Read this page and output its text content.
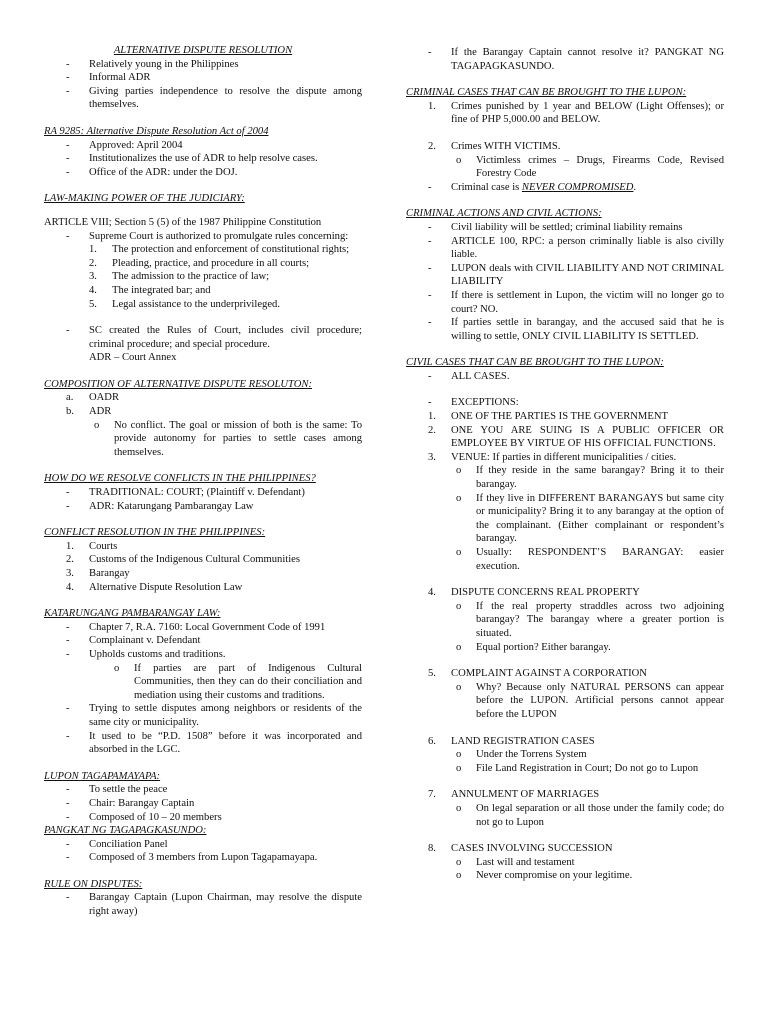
ALTERNATIVE DISPUTE RESOLUTION
- Relatively young in the Philippines
- Informal ADR
- Giving parties independence to resolve the dispute among themselves.
RA 9285: Alternative Dispute Resolution Act of 2004
- Approved: April 2004
- Institutionalizes the use of ADR to help resolve cases.
- Office of the ADR: under the DOJ.
LAW-MAKING POWER OF THE JUDICIARY:
ARTICLE VIII; Section 5 (5) of the 1987 Philippine Constitution
- Supreme Court is authorized to promulgate rules concerning:
1. The protection and enforcement of constitutional rights;
2. Pleading, practice, and procedure in all courts;
3. The admission to the practice of law;
4. The integrated bar; and
5. Legal assistance to the underprivileged.
- SC created the Rules of Court, includes civil procedure; criminal procedure; and special procedure.
ADR – Court Annex
COMPOSITION OF ALTERNATIVE DISPUTE RESOLUTON:
a. OADR
b. ADR
o No conflict. The goal or mission of both is the same: To provide autonomy for parties to settle cases among themselves.
HOW DO WE RESOLVE CONFLICTS IN THE PHILIPPINES?
- TRADITIONAL: COURT; (Plaintiff v. Defendant)
- ADR: Katarungang Pambarangay Law
CONFLICT RESOLUTION IN THE PHILIPPINES:
1. Courts
2. Customs of the Indigenous Cultural Communities
3. Barangay
4. Alternative Dispute Resolution Law
KATARUNGANG PAMBARANGAY LAW:
- Chapter 7, R.A. 7160: Local Government Code of 1991
- Complainant v. Defendant
- Upholds customs and traditions.
o If parties are part of Indigenous Cultural Communities, then they can do their conciliation and mediation using their customs and traditions.
- Trying to settle disputes among neighbors or residents of the same city or municipality.
- It used to be “P.D. 1508” before it was incorporated and absorbed in the LGC.
LUPON TAGAPAMAYAPA:
- To settle the peace
- Chair: Barangay Captain
- Composed of 10 – 20 members
PANGKAT NG TAGAPAGKASUNDO:
- Conciliation Panel
- Composed of 3 members from Lupon Tagapamayapa.
RULE ON DISPUTES:
- Barangay Captain (Lupon Chairman, may resolve the dispute right away)
- If the Barangay Captain cannot resolve it? PANGKAT NG TAGAPAGKASUNDO.
CRIMINAL CASES THAT CAN BE BROUGHT TO THE LUPON:
1. Crimes punished by 1 year and BELOW (Light Offenses); or fine of PHP 5,000.00 and BELOW.
2. Crimes WITH VICTIMS.
o Victimless crimes – Drugs, Firearms Code, Revised Forestry Code
- Criminal case is NEVER COMPROMISED.
CRIMINAL ACTIONS AND CIVIL ACTIONS:
- Civil liability will be settled; criminal liability remains
- ARTICLE 100, RPC: a person criminally liable is also civilly liable.
- LUPON deals with CIVIL LIABILITY AND NOT CRIMINAL LIABILITY
- If there is settlement in Lupon, the victim will no longer go to court? NO.
- If parties settle in barangay, and the accused said that he is willing to settle, ONLY CIVIL LIABILITY IS SETTLED.
CIVIL CASES THAT CAN BE BROUGHT TO THE LUPON:
- ALL CASES.
- EXCEPTIONS:
1. ONE OF THE PARTIES IS THE GOVERNMENT
2. ONE YOU ARE SUING IS A PUBLIC OFFICER OR EMPLOYEE BY VIRTUE OF HIS OFFICIAL FUNCTIONS.
3. VENUE: If parties in different municipalities / cities.
o If they reside in the same barangay? Bring it to their barangay.
o If they live in DIFFERENT BARANGAYS but same city or municipality? Bring it to any barangay at the option of the complainant. (Either complainant or respondent’s barangay.
o Usually: RESPONDENT’S BARANGAY: easier execution.
4. DISPUTE CONCERNS REAL PROPERTY
o If the real property straddles across two adjoining barangay? The barangay where a greater portion is situated.
o Equal portion? Either barangay.
5. COMPLAINT AGAINST A CORPORATION
o Why? Because only NATURAL PERSONS can appear before the LUPON. Artificial persons cannot appear before the LUPON
6. LAND REGISTRATION CASES
o Under the Torrens System
o File Land Registration in Court; Do not go to Lupon
7. ANNULMENT OF MARRIAGES
o On legal separation or all those under the family code; do not go to Lupon
8. CASES INVOLVING SUCCESSION
o Last will and testament
o Never compromise on your legitime.
